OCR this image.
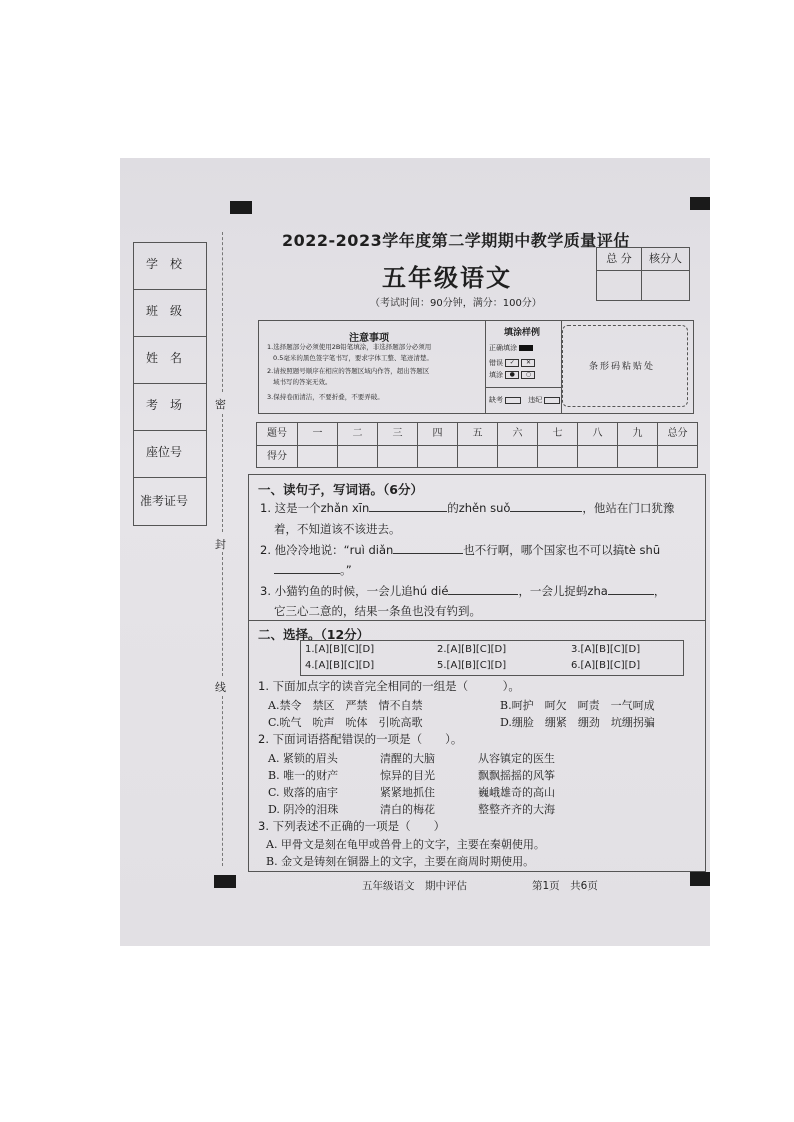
学　校
班　级
姓　名
考　场
座位号
准考证号
密
封
线
2022-2023学年度第二学期期中教学质量评估
五年级语文
（考试时间：90分钟，满分：100分）
总 分	核分人
注意事项
1.选择题部分必须使用2B铅笔填涂，非选择题部分必须用
0.5毫米的黑色签字笔书写，要求字体工整、笔迹清楚。
2.请按照题号顺序在相应的答题区域内作答，超出答题区
域书写的答案无效。
3.保持卷面清洁，不要折叠，不要弄破。
填涂样例
正确填涂
错误 ✓ ✕
填涂 ● ○
缺考 　	违纪
条形码粘贴处
题号	一	二	三	四	五	六	七	八	九	总分
得分
一、读句子，写词语。（6分）
1. 这是一个zhǎn xīn	的zhěn suǒ	，他站在门口犹豫
着，不知道该不该进去。
2. 他冷冷地说：“ruì diǎn	也不行啊，哪个国家也不可以搞tè shū
。”
3. 小猫钓鱼的时候，一会儿追hú dié	，一会儿捉蚂zha	，
它三心二意的，结果一条鱼也没有钓到。
二、选择。（12分）
1.[A][B][C][D]	2.[A][B][C][D]	3.[A][B][C][D]
4.[A][B][C][D]	5.[A][B][C][D]	6.[A][B][C][D]
1. 下面加点字的读音完全相同的一组是（　　　）。
A.禁令　禁区　严禁　情不自禁	B.呵护　呵欠　呵责　一气呵成
C.吮气　吮声　吮体　引吮高歌	D.绷脸　绷紧　绷劲　坑绷拐骗
2. 下面词语搭配错误的一项是（　　）。
A. 紧锁的眉头	清醒的大脑	从容镇定的医生
B. 唯一的财产	惊异的目光	飘飘摇摇的风筝
C. 败落的庙宇	紧紧地抓住	巍峨雄奇的高山
D. 阴冷的泪珠	清白的梅花	整整齐齐的大海
3. 下列表述不正确的一项是（　　）
A. 甲骨文是刻在龟甲或兽骨上的文字，主要在秦朝使用。
B. 金文是铸刻在铜器上的文字，主要在商周时期使用。
五年级语文　期中评估	第1页　共6页
